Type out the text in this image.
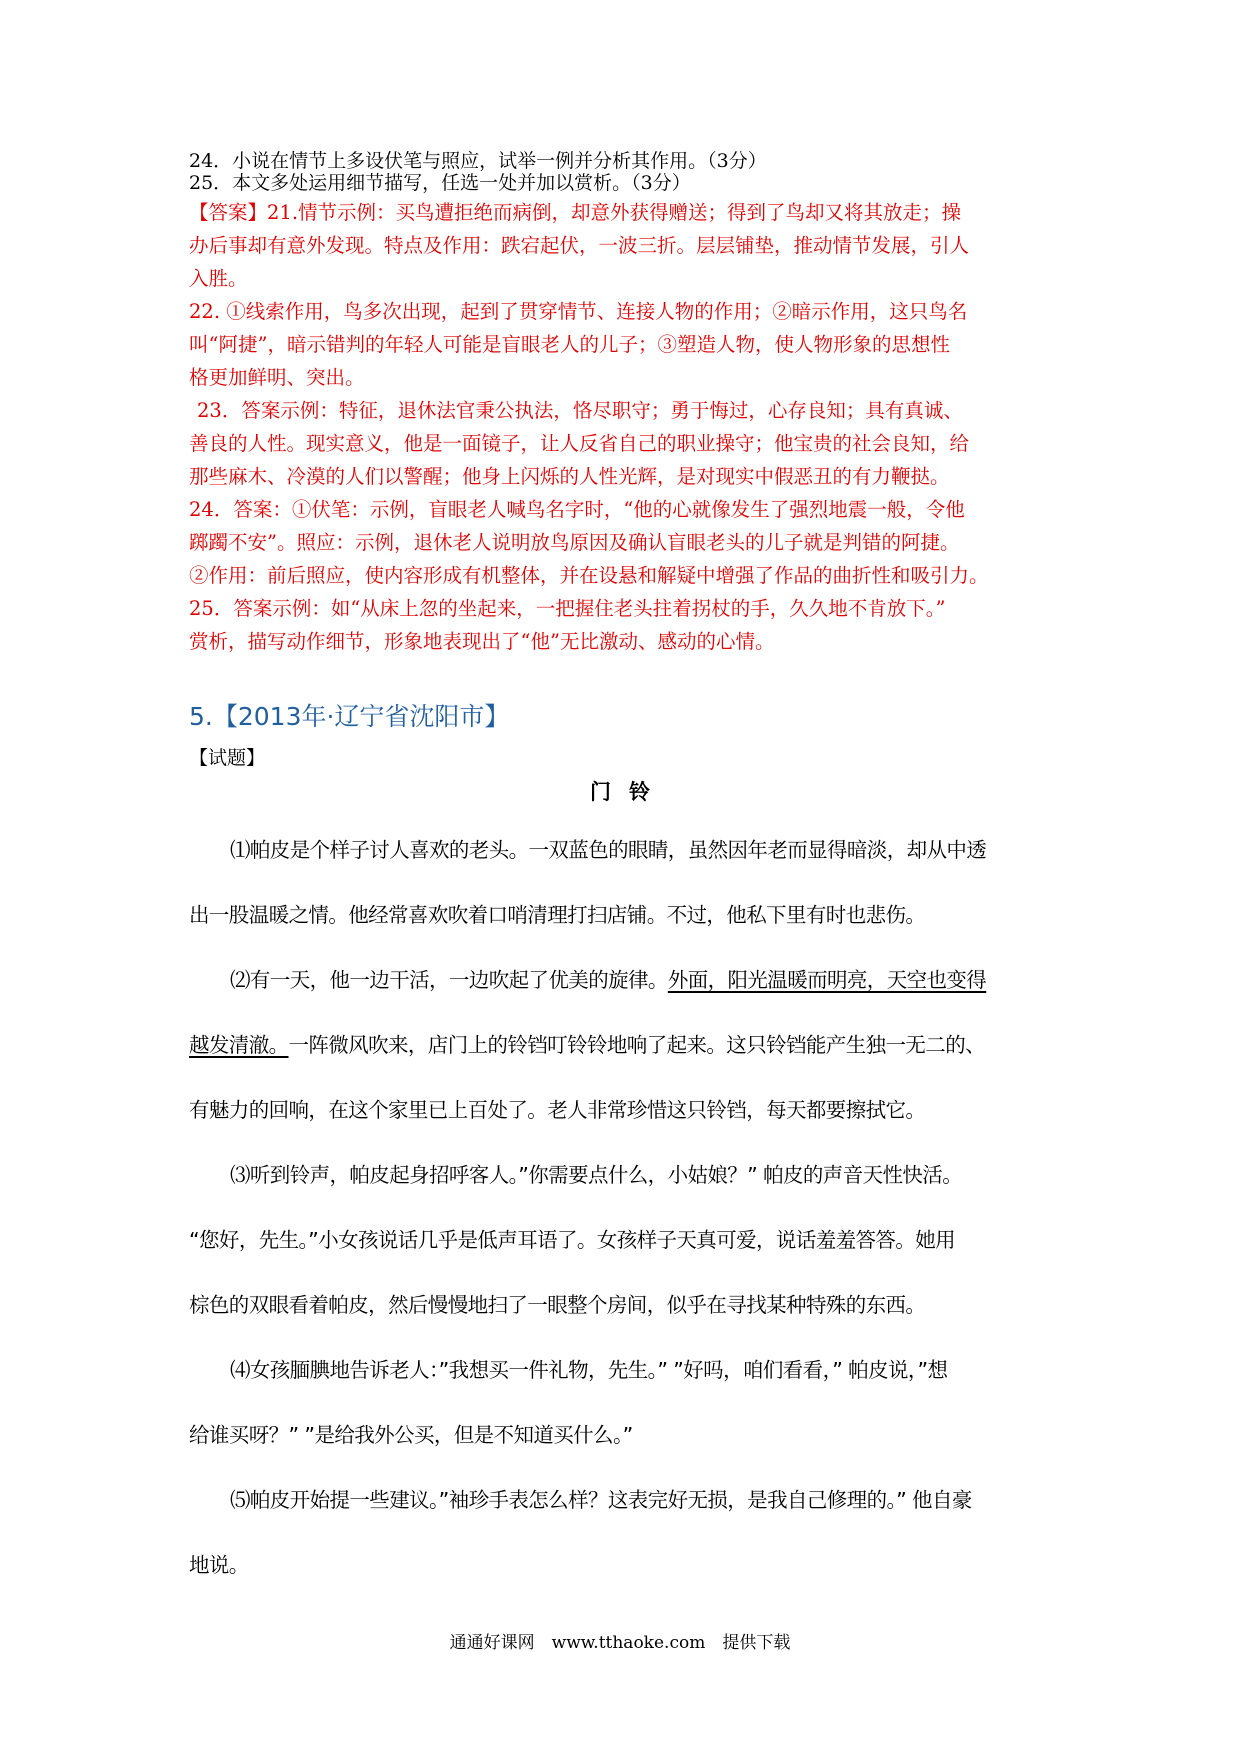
24．小说在情节上多设伏笔与照应，试举一例并分析其作用。（3分）

25．本文多处运用细节描写，任选一处并加以赏析。（3分）

【答案】21.情节示例：买鸟遭拒绝而病倒，却意外获得赠送；得到了鸟却又将其放走；操

办后事却有意外发现。特点及作用：跌宕起伏，一波三折。层层铺垫，推动情节发展，引人

入胜。

22. ①线索作用，鸟多次出现，起到了贯穿情节、连接人物的作用；②暗示作用，这只鸟名

叫“阿捷”，暗示错判的年轻人可能是盲眼老人的儿子；③塑造人物，使人物形象的思想性

格更加鲜明、突出。

23．答案示例：特征，退休法官秉公执法，恪尽职守；勇于悔过，心存良知；具有真诚、

善良的人性。现实意义，他是一面镜子，让人反省自己的职业操守；他宝贵的社会良知，给

那些麻木、冷漠的人们以警醒；他身上闪烁的人性光辉，是对现实中假恶丑的有力鞭挞。

24．答案：①伏笔：示例，盲眼老人喊鸟名字时，“他的心就像发生了强烈地震一般，令他

踯躅不安”。照应：示例，退休老人说明放鸟原因及确认盲眼老头的儿子就是判错的阿捷。

②作用：前后照应，使内容形成有机整体，并在设悬和解疑中增强了作品的曲折性和吸引力。

25．答案示例：如“从床上忽的坐起来，一把握住老头拄着拐杖的手，久久地不肯放下。”

赏析，描写动作细节，形象地表现出了“他”无比激动、感动的心情。

5.【2013年·辽宁省沈阳市】
【试题】
门铃

⑴帕皮是个样子讨人喜欢的老头。一双蓝色的眼睛，虽然因年老而显得暗淡，却从中透

出一股温暖之情。他经常喜欢吹着口哨清理打扫店铺。不过，他私下里有时也悲伤。

⑵有一天，他一边干活，一边吹起了优美的旋律。外面，阳光温暖而明亮，天空也变得

越发清澈。一阵微风吹来，店门上的铃铛叮铃铃地响了起来。这只铃铛能产生独一无二的、

有魅力的回响，在这个家里已上百处了。老人非常珍惜这只铃铛，每天都要擦拭它。

⑶听到铃声，帕皮起身招呼客人。”你需要点什么，小姑娘？” 帕皮的声音天性快活。

“您好，先生。”小女孩说话几乎是低声耳语了。女孩样子天真可爱，说话羞羞答答。她用

棕色的双眼看着帕皮，然后慢慢地扫了一眼整个房间，似乎在寻找某种特殊的东西。

⑷女孩腼腆地告诉老人：”我想买一件礼物，先生。” ”好吗，咱们看看，” 帕皮说，”想

给谁买呀？” ”是给我外公买，但是不知道买什么。”

⑸帕皮开始提一些建议。”袖珍手表怎么样？这表完好无损，是我自己修理的。” 他自豪

地说。

通通好课网　www.tthaoke.com　提供下载
